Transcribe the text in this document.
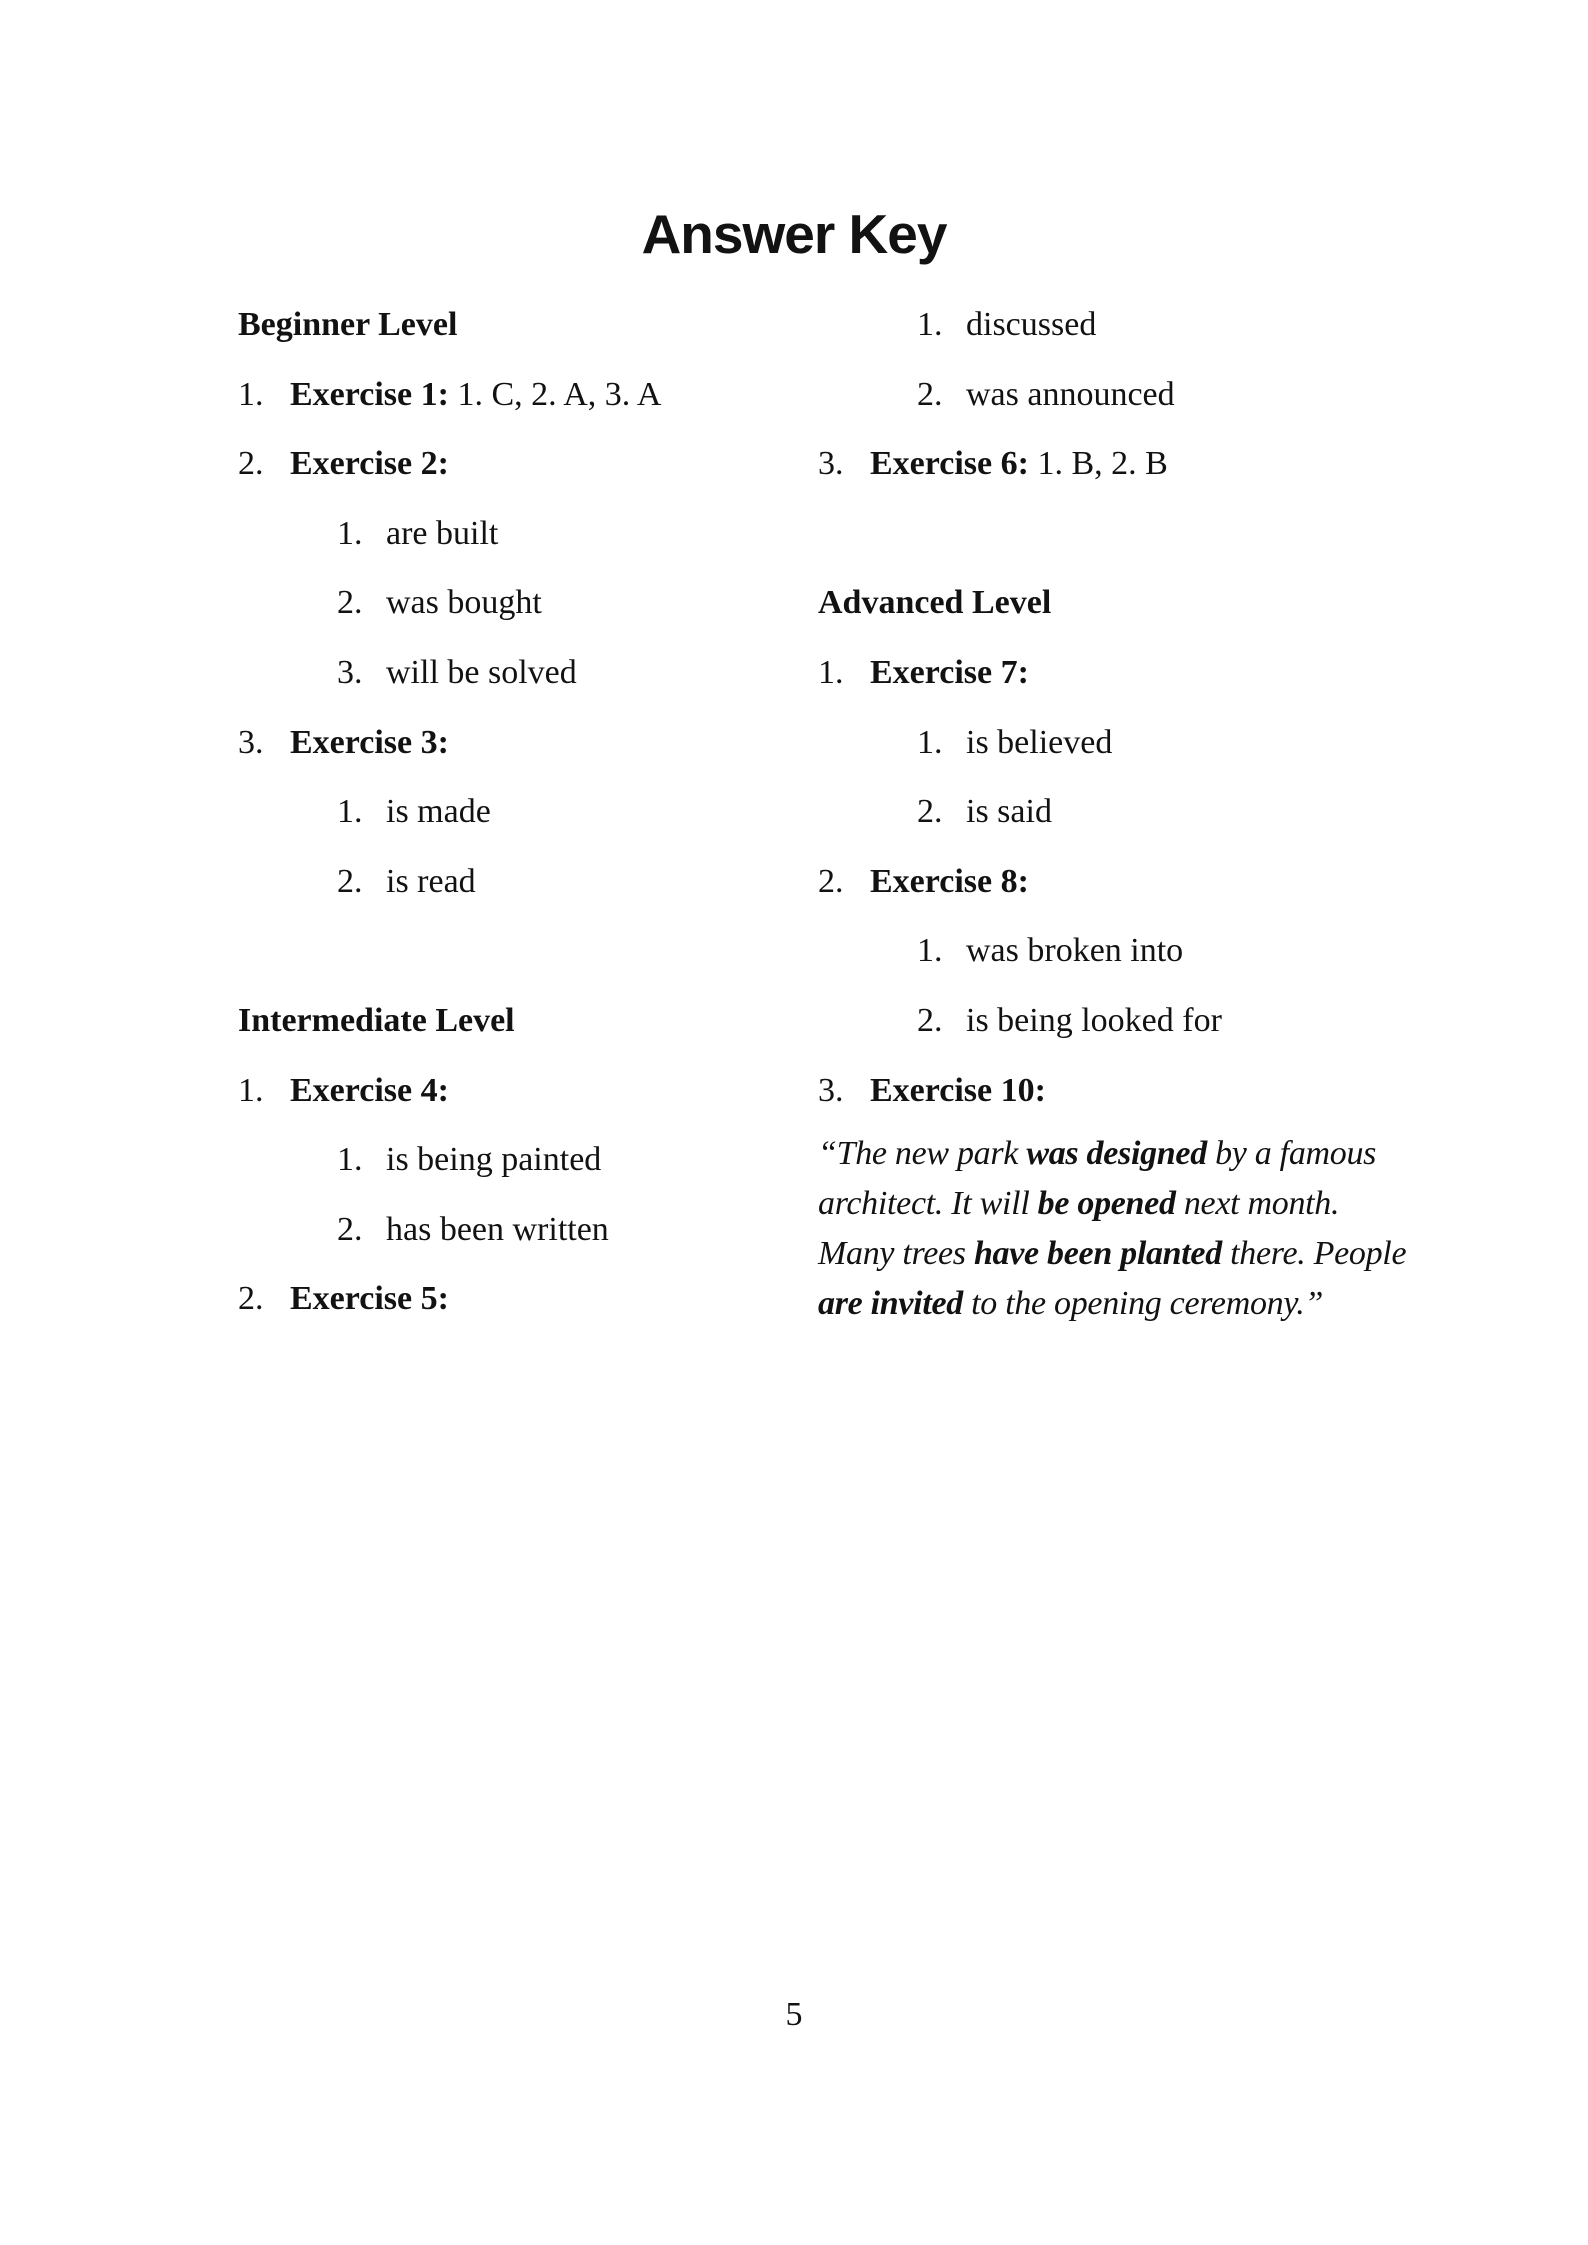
Answer Key
Beginner Level
1. Exercise 1: 1. C, 2. A, 3. A
2. Exercise 2:
1. are built
2. was bought
3. will be solved
3. Exercise 3:
1. is made
2. is read
Intermediate Level
1. Exercise 4:
1. is being painted
2. has been written
2. Exercise 5:
1. discussed
2. was announced
3. Exercise 6: 1. B, 2. B
Advanced Level
1. Exercise 7:
1. is believed
2. is said
2. Exercise 8:
1. was broken into
2. is being looked for
3. Exercise 10:
“The new park was designed by a famous
architect. It will be opened next month.
Many trees have been planted there. People
are invited to the opening ceremony.”
5
